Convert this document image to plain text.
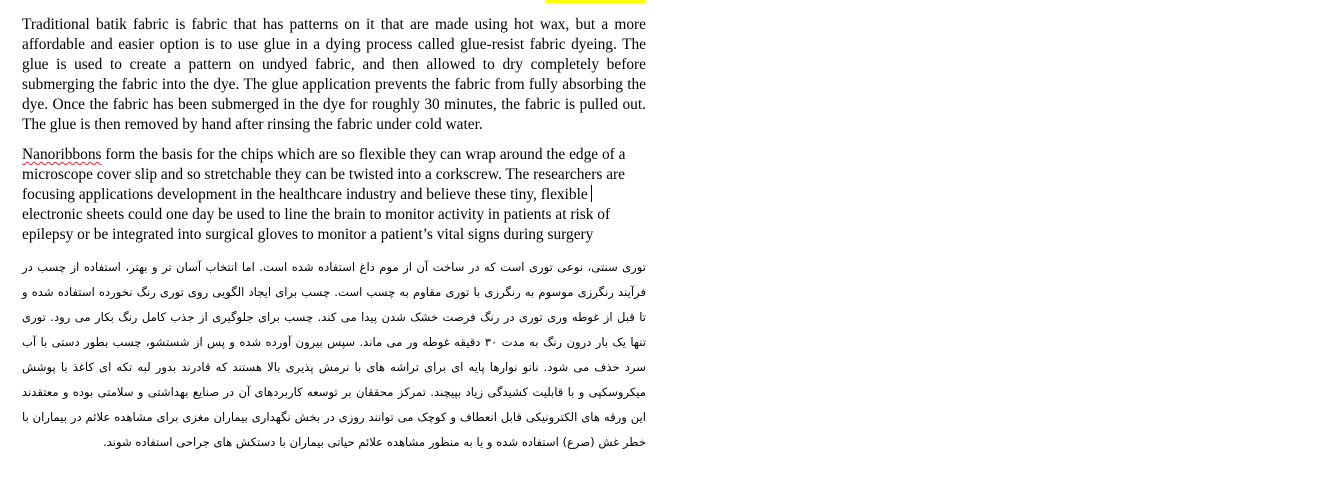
Traditional batik fabric is fabric that has patterns on it that are made using hot wax, but a more affordable and easier option is to use glue in a dying process called glue-resist fabric dyeing. The glue is used to create a pattern on undyed fabric, and then allowed to dry completely before submerging the fabric into the dye. The glue application prevents the fabric from fully absorbing the dye. Once the fabric has been submerged in the dye for roughly 30 minutes, the fabric is pulled out. The glue is then removed by hand after rinsing the fabric under cold water.

Nanoribbons form the basis for the chips which are so flexible they can wrap around the edge of a microscope cover slip and so stretchable they can be twisted into a corkscrew. The researchers are focusing applications development in the healthcare industry and believe these tiny, flexible electronic sheets could one day be used to line the brain to monitor activity in patients at risk of epilepsy or be integrated into surgical gloves to monitor a patient’s vital signs during surgery

توری سنتی، نوعی توری است که در ساخت آن از موم داغ استفاده شده است. اما انتخاب آسان تر و بهتر، استفاده از چسب در فرآیند رنگرزی موسوم به رنگرزی با توری مقاوم به چسب است. چسب برای ایجاد الگویی روی توری رنگ نخورده استفاده شده و تا قبل از غوطه وری توری در رنگ فرصت خشک شدن پیدا می کند. چسب برای جلوگیری از جذب کامل رنگ بکار می رود. توری تنها یک بار درون رنگ به مدت ۳۰ دقیقه غوطه ور می ماند. سپس بیرون آورده شده و پس از شستشو، چسب بطور دستی با آب سرد حذف می شود. نانو نوارها پایه ای برای تراشه های با نرمش پذیری بالا هستند که قادرند بدور لبه تکه ای کاغذ با پوشش میکروسکپی و با قابلیت کشیدگی زیاد بپیچند. تمرکز محققان بر توسعه کاربردهای آن در صنایع بهداشتی و سلامتی بوده و معتقدند این ورقه های الکترونیکی قابل انعطاف و کوچک می توانند روزی در بخش نگهداری بیماران مغزی برای مشاهده علائم در بیماران با خطر غش (صرع) استفاده شده و یا به منظور مشاهده علائم حیاتی بیماران با دستکش های جراحی استفاده شوند.
